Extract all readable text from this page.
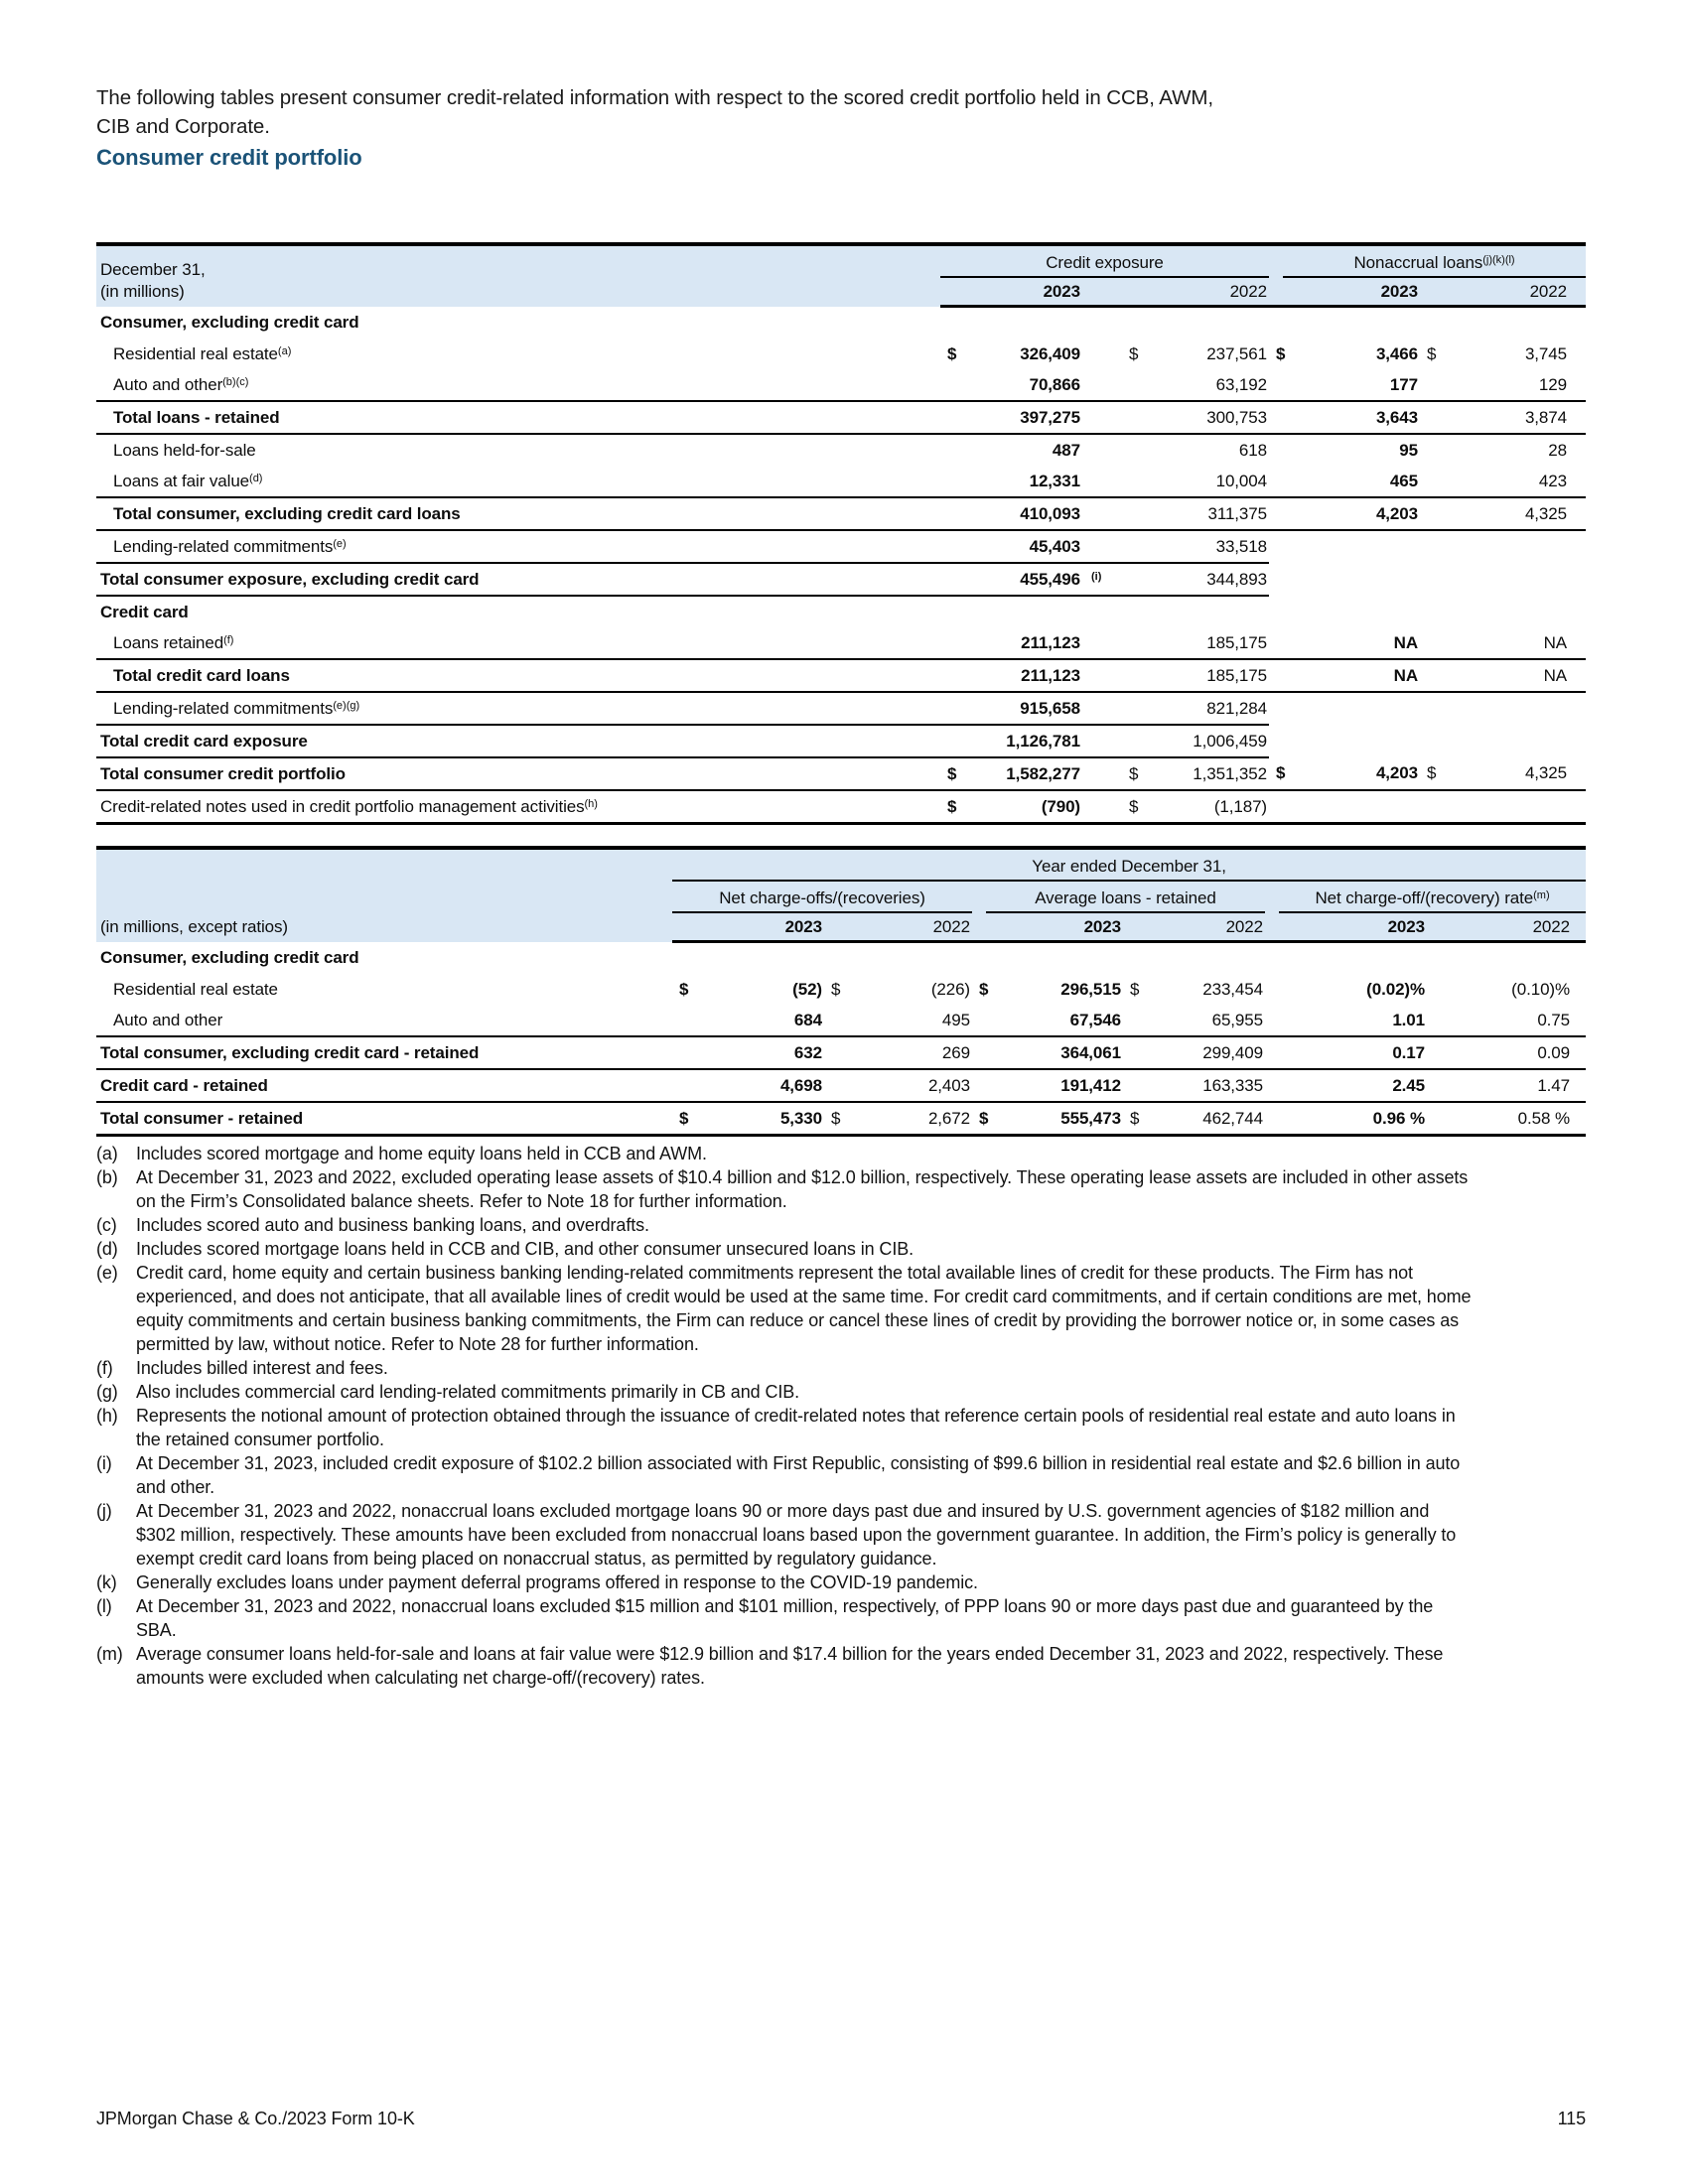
The following tables present consumer credit-related information with respect to the scored credit portfolio held in CCB, AWM,
CIB and Corporate.
Consumer credit portfolio
December 31,
(in millions)	Credit exposure					Nonaccrual loans$^{(j)(k)(l)}$

		2023			2022		2023		2022	
Consumer, excluding credit card										
Residential real estate$^{(a)}$	$	326,409		$	237,561	$	3,466	$	3,745	
Auto and other$^{(b)(c)}$		70,866			63,192		177		129	
Total loans - retained		397,275			300,753		3,643		3,874	
Loans held-for-sale		487			618		95		28	
Loans at fair value$^{(d)}$		12,331			10,004		465		423	
Total consumer, excluding credit card loans		410,093			311,375		4,203		4,325	
Lending-related commitments$^{(e)}$		45,403			33,518					
Total consumer exposure, excluding credit card		455,496	$^{(i)}$		344,893					
Credit card										
Loans retained$^{(f)}$		211,123			185,175		NA		NA	
Total credit card loans		211,123			185,175		NA		NA	
Lending-related commitments$^{(e)(g)}$		915,658			821,284					
Total credit card exposure		1,126,781			1,006,459					
Total consumer credit portfolio	$	1,582,277		$	1,351,352	$	4,203	$	4,325	
Credit-related notes used in credit portfolio management activities$^{(h)}$	$	(790)		$	(1,187)					
(in millions, except ratios)	Year ended December 31,										

	Net charge-offs/(recoveries)				Average loans - retained				Net charge-off/(recovery) rate$^{(m)}$

		2023		2022		2023		2022	2023	2022	
Consumer, excluding credit card											
Residential real estate	$	(52)	$	(226)	$	296,515	$	233,454	(0.02)%	(0.10)%	
Auto and other		684		495		67,546		65,955	1.01	0.75	
Total consumer, excluding credit card - retained		632		269		364,061		299,409	0.17	0.09	
Credit card - retained		4,698		2,403		191,412		163,335	2.45	1.47	
Total consumer - retained	$	5,330	$	2,672	$	555,473	$	462,744	0.96 %	0.58 %	
(a)	Includes scored mortgage and home equity loans held in CCB and AWM.
(b)	At December 31, 2023 and 2022, excluded operating lease assets of $10.4 billion and $12.0 billion, respectively. These operating lease assets are included in other assets on the Firm’s Consolidated balance sheets. Refer to Note 18 for further information.
(c)	Includes scored auto and business banking loans, and overdrafts.
(d)	Includes scored mortgage loans held in CCB and CIB, and other consumer unsecured loans in CIB.
(e)	Credit card, home equity and certain business banking lending-related commitments represent the total available lines of credit for these products. The Firm has not experienced, and does not anticipate, that all available lines of credit would be used at the same time. For credit card commitments, and if certain conditions are met, home equity commitments and certain business banking commitments, the Firm can reduce or cancel these lines of credit by providing the borrower notice or, in some cases as permitted by law, without notice. Refer to Note 28 for further information.
(f)	Includes billed interest and fees.
(g)	Also includes commercial card lending-related commitments primarily in CB and CIB.
(h)	Represents the notional amount of protection obtained through the issuance of credit-related notes that reference certain pools of residential real estate and auto loans in the retained consumer portfolio.
(i)	At December 31, 2023, included credit exposure of $102.2 billion associated with First Republic, consisting of $99.6 billion in residential real estate and $2.6 billion in auto and other.
(j)	At December 31, 2023 and 2022, nonaccrual loans excluded mortgage loans 90 or more days past due and insured by U.S. government agencies of $182 million and $302 million, respectively. These amounts have been excluded from nonaccrual loans based upon the government guarantee. In addition, the Firm’s policy is generally to exempt credit card loans from being placed on nonaccrual status, as permitted by regulatory guidance.
(k)	Generally excludes loans under payment deferral programs offered in response to the COVID-19 pandemic.
(l)	At December 31, 2023 and 2022, nonaccrual loans excluded $15 million and $101 million, respectively, of PPP loans 90 or more days past due and guaranteed by the SBA.
(m) Average consumer loans held-for-sale and loans at fair value were $12.9 billion and $17.4 billion for the years ended December 31, 2023 and 2022, respectively. These amounts were excluded when calculating net charge-off/(recovery) rates.
115
JPMorgan Chase & Co./2023 Form 10-K
